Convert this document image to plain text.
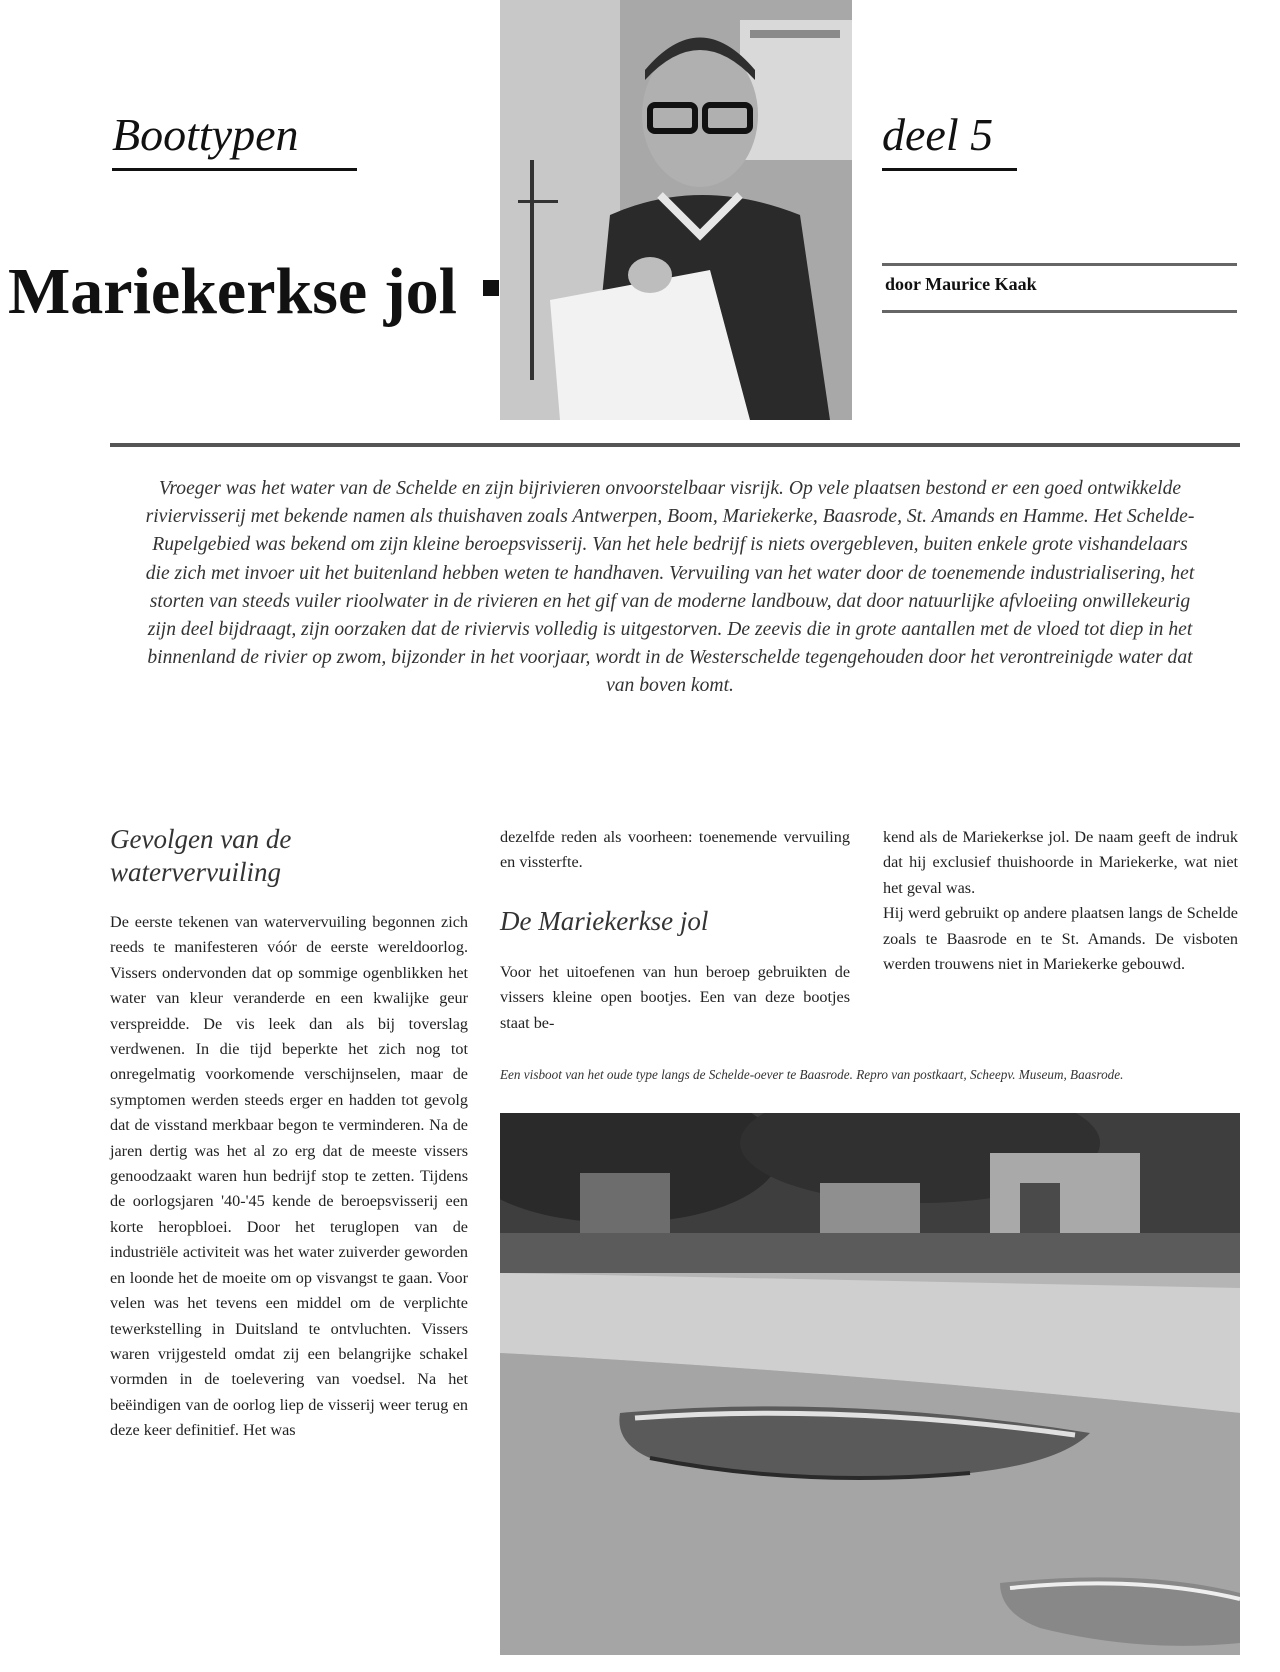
Boottypen	deel 5
Mariekerkse jol	door Maurice Kaak
Vroeger was het water van de Schelde en zijn bijrivieren onvoorstelbaar visrijk. Op vele plaatsen bestond er een goed ontwikkelde riviervisserij met bekende namen als thuishaven zoals Antwerpen, Boom, Mariekerke, Baasrode, St. Amands en Hamme. Het Schelde-Rupelgebied was bekend om zijn kleine beroepsvisserij. Van het hele bedrijf is niets overgebleven, buiten enkele grote vishandelaars die zich met invoer uit het buitenland hebben weten te handhaven. Vervuiling van het water door de toenemende industrialisering, het storten van steeds vuiler rioolwater in de rivieren en het gif van de moderne landbouw, dat door natuurlijke afvloeiing onwillekeurig zijn deel bijdraagt, zijn oorzaken dat de riviervis volledig is uitgestorven. De zeevis die in grote aantallen met de vloed tot diep in het binnenland de rivier op zwom, bijzonder in het voorjaar, wordt in de Westerschelde tegengehouden door het verontreinigde water dat van boven komt.
Gevolgen van de watervervuiling

De eerste tekenen van watervervuiling begonnen zich reeds te manifesteren vóór de eerste wereldoorlog. Vissers ondervonden dat op sommige ogenblikken het water van kleur veranderde en een kwalijke geur verspreidde. De vis leek dan als bij toverslag verdwenen. In die tijd beperkte het zich nog tot onregelmatig voorkomende verschijnselen, maar de symptomen werden steeds erger en hadden tot gevolg dat de visstand merkbaar begon te verminderen. Na de jaren dertig was het al zo erg dat de meeste vissers genoodzaakt waren hun bedrijf stop te zetten. Tijdens de oorlogsjaren '40-'45 kende de beroepsvisserij een korte heropbloei. Door het teruglopen van de industriële activiteit was het water zuiverder geworden en loonde het de moeite om op visvangst te gaan. Voor velen was het tevens een middel om de verplichte tewerkstelling in Duitsland te ontvluchten. Vissers waren vrijgesteld omdat zij een belangrijke schakel vormden in de toelevering van voedsel. Na het beëindigen van de oorlog liep de visserij weer terug en deze keer definitief. Het was

dezelfde reden als voorheen: toenemende vervuiling en vissterfte.

De Mariekerkse jol

Voor het uitoefenen van hun beroep gebruikten de vissers kleine open bootjes. Een van deze bootjes staat be-

kend als de Mariekerkse jol. De naam geeft de indruk dat hij exclusief thuishoorde in Mariekerke, wat niet het geval was.

Hij werd gebruikt op andere plaatsen langs de Schelde zoals te Baasrode en te St. Amands. De visboten werden trouwens niet in Mariekerke gebouwd.

Een visboot van het oude type langs de Schelde-oever te Baasrode. Repro van postkaart, Scheepv. Museum, Baasrode.
